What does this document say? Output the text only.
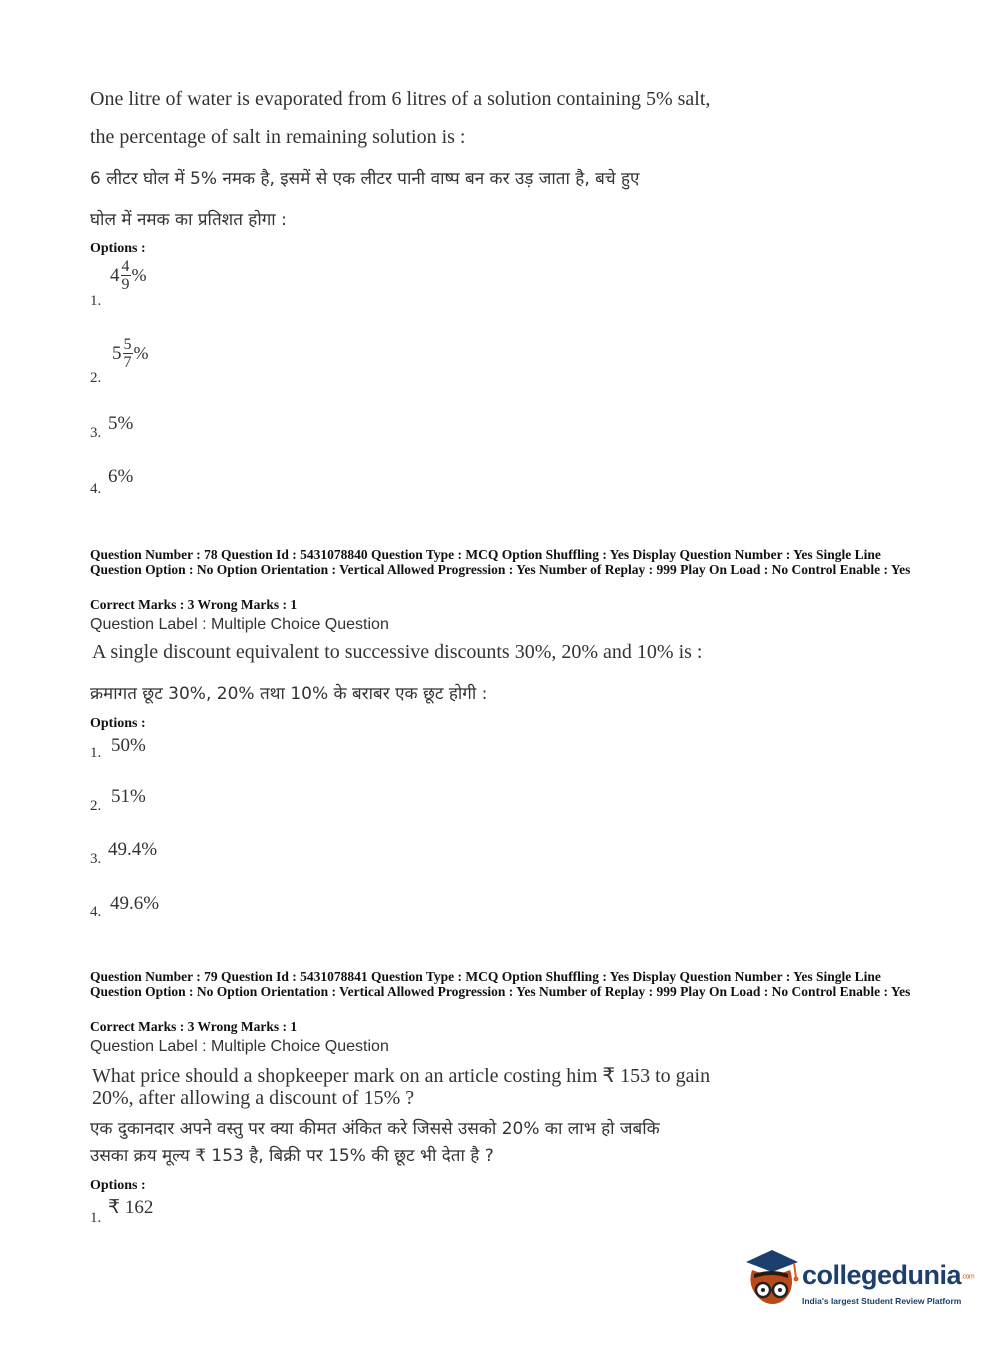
One litre of water is evaporated from 6 litres of a solution containing 5% salt,
the percentage of salt in remaining solution is :
6 लीटर घोल में 5% नमक है, इसमें से एक लीटर पानी वाष्प बन कर उड़ जाता है, बचे हुए
घोल में नमक का प्रतिशत होगा :
Options :
1.
$4 \frac{4}{9}$ %
2.
$5 \frac{5}{7}$ %
3. 5%
4.
6%
Question Number : 78 Question Id : 5431078840 Question Type : MCQ Option Shuffling : Yes Display Question Number : Yes Single Line Question Option : No Option Orientation : Vertical Allowed Progression : Yes Number of Replay : 999 Play On Load : No Control Enable : Yes
Correct Marks : 3 Wrong Marks : 1
Question Label : Multiple Choice Question
A single discount equivalent to successive discounts 30%, 20% and 10% is :
क्रमागत छूट 30%, 20% तथा 10% के बराबर एक छूट होगी :
Options :
1. 50%
2. 51%
3. 49.4%
4. 49.6%
Question Number : 79 Question Id : 5431078841 Question Type : MCQ Option Shuffling : Yes Display Question Number : Yes Single Line Question Option : No Option Orientation : Vertical Allowed Progression : Yes Number of Replay : 999 Play On Load : No Control Enable : Yes
Correct Marks : 3 Wrong Marks : 1
Question Label : Multiple Choice Question
What price should a shopkeeper mark on an article costing him ₹ 153 to gain
20%, after allowing a discount of 15% ?
एक दुकानदार अपने वस्तु पर क्या कीमत अंकित करे जिससे उसको 20% का लाभ हो जबकि
उसका क्रय मूल्य ₹ 153 है, बिक्री पर 15% की छूट भी देता है ?
Options :
1. ₹ 162
collegedunia.com
India's largest Student Review Platform
